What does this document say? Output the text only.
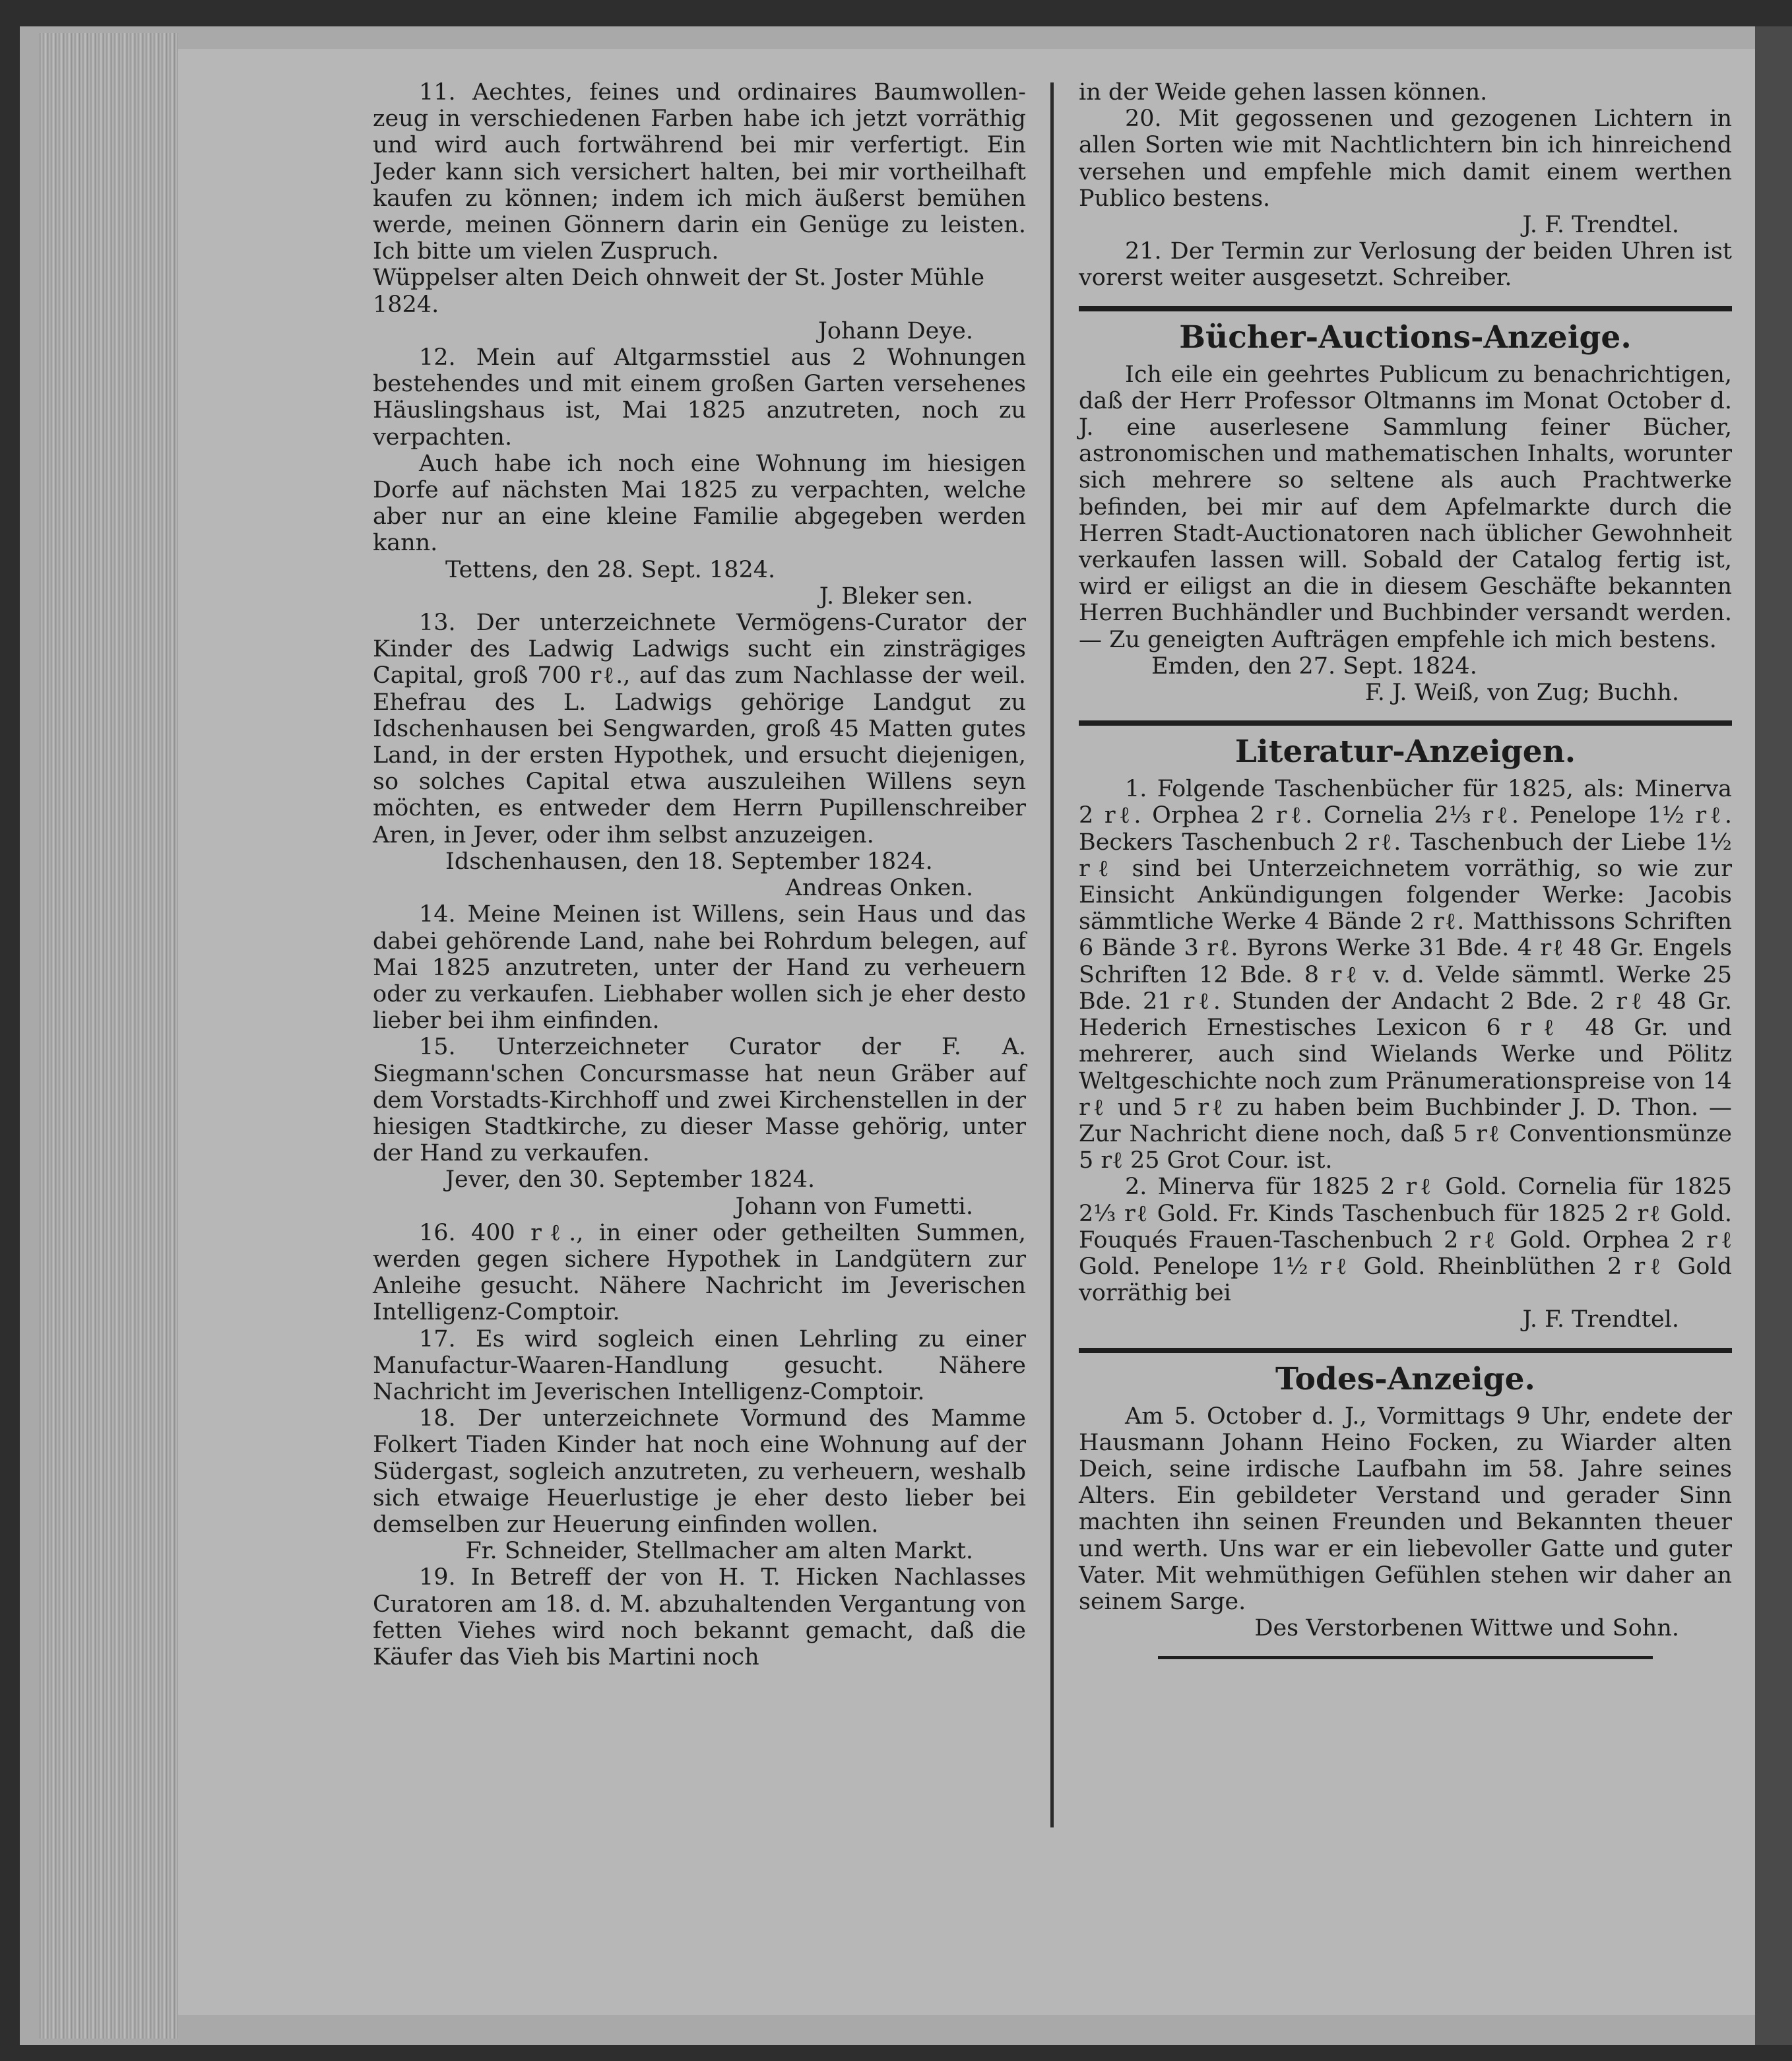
11. Aechtes, feines und ordinaires Baumwollen-zeug in verschiedenen Farben habe ich jetzt vorräthig und wird auch fortwährend bei mir verfertigt. Ein Jeder kann sich versichert halten, bei mir vortheilhaft kaufen zu können; indem ich mich äußerst bemühen werde, meinen Gönnern darin ein Genüge zu leisten. Ich bitte um vielen Zuspruch.
Wüppelser alten Deich ohnweit der St. Joster Mühle 1824.
Johann Deye.
12. Mein auf Altgarmsstiel aus 2 Wohnungen bestehendes und mit einem großen Garten versehenes Häuslingshaus ist, Mai 1825 anzutreten, noch zu verpachten.
Auch habe ich noch eine Wohnung im hiesigen Dorfe auf nächsten Mai 1825 zu verpachten, welche aber nur an eine kleine Familie abgegeben werden kann.
Tettens, den 28. Sept. 1824.
J. Bleker sen.
13. Der unterzeichnete Vermögens-Curator der Kinder des Ladwig Ladwigs sucht ein zinsträgiges Capital, groß 700 rℓ., auf das zum Nachlasse der weil. Ehefrau des L. Ladwigs gehörige Landgut zu Idschenhausen bei Sengwarden, groß 45 Matten gutes Land, in der ersten Hypothek, und ersucht diejenigen, so solches Capital etwa auszuleihen Willens seyn möchten, es entweder dem Herrn Pupillenschreiber Aren, in Jever, oder ihm selbst anzuzeigen.
Idschenhausen, den 18. September 1824.
Andreas Onken.
14. Meine Meinen ist Willens, sein Haus und das dabei gehörende Land, nahe bei Rohrdum belegen, auf Mai 1825 anzutreten, unter der Hand zu verheuern oder zu verkaufen. Liebhaber wollen sich je eher desto lieber bei ihm einfinden.
15. Unterzeichneter Curator der F. A. Siegmann'schen Concursmasse hat neun Gräber auf dem Vorstadts-Kirchhoff und zwei Kirchenstellen in der hiesigen Stadtkirche, zu dieser Masse gehörig, unter der Hand zu verkaufen.
Jever, den 30. September 1824.
Johann von Fumetti.
16. 400 rℓ., in einer oder getheilten Summen, werden gegen sichere Hypothek in Landgütern zur Anleihe gesucht. Nähere Nachricht im Jeverischen Intelligenz-Comptoir.
17. Es wird sogleich einen Lehrling zu einer Manufactur-Waaren-Handlung gesucht. Nähere Nachricht im Jeverischen Intelligenz-Comptoir.
18. Der unterzeichnete Vormund des Mamme Folkert Tiaden Kinder hat noch eine Wohnung auf der Südergast, sogleich anzutreten, zu verheuern, weshalb sich etwaige Heuerlustige je eher desto lieber bei demselben zur Heuerung einfinden wollen.
Fr. Schneider, Stellmacher am alten Markt.
19. In Betreff der von H. T. Hicken Nachlasses Curatoren am 18. d. M. abzuhaltenden Vergantung von fetten Viehes wird noch bekannt gemacht, daß die Käufer das Vieh bis Martini noch
in der Weide gehen lassen können.
20. Mit gegossenen und gezogenen Lichtern in allen Sorten wie mit Nachtlichtern bin ich hinreichend versehen und empfehle mich damit einem werthen Publico bestens.
J. F. Trendtel.
21. Der Termin zur Verlosung der beiden Uhren ist vorerst weiter ausgesetzt. Schreiber.
Bücher-Auctions-Anzeige.
Ich eile ein geehrtes Publicum zu benachrichtigen, daß der Herr Professor Oltmanns im Monat October d. J. eine auserlesene Sammlung feiner Bücher, astronomischen und mathematischen Inhalts, worunter sich mehrere so seltene als auch Prachtwerke befinden, bei mir auf dem Apfelmarkte durch die Herren Stadt-Auctionatoren nach üblicher Gewohnheit verkaufen lassen will. Sobald der Catalog fertig ist, wird er eiligst an die in diesem Geschäfte bekannten Herren Buchhändler und Buchbinder versandt werden. — Zu geneigten Aufträgen empfehle ich mich bestens.
Emden, den 27. Sept. 1824.
F. J. Weiß, von Zug; Buchh.
Literatur-Anzeigen.
1. Folgende Taschenbücher für 1825, als: Minerva 2 rℓ. Orphea 2 rℓ. Cornelia 2⅓ rℓ. Penelope 1½ rℓ. Beckers Taschenbuch 2 rℓ. Taschenbuch der Liebe 1½ rℓ sind bei Unterzeichnetem vorräthig, so wie zur Einsicht Ankündigungen folgender Werke: Jacobis sämmtliche Werke 4 Bände 2 rℓ. Matthissons Schriften 6 Bände 3 rℓ. Byrons Werke 31 Bde. 4 rℓ 48 Gr. Engels Schriften 12 Bde. 8 rℓ v. d. Velde sämmtl. Werke 25 Bde. 21 rℓ. Stunden der Andacht 2 Bde. 2 rℓ 48 Gr. Hederich Ernestisches Lexicon 6 rℓ 48 Gr. und mehrerer, auch sind Wielands Werke und Pölitz Weltgeschichte noch zum Pränumerationspreise von 14 rℓ und 5 rℓ zu haben beim Buchbinder J. D. Thon. — Zur Nachricht diene noch, daß 5 rℓ Conventionsmünze 5 rℓ 25 Grot Cour. ist.
2. Minerva für 1825 2 rℓ Gold. Cornelia für 1825 2⅓ rℓ Gold. Fr. Kinds Taschenbuch für 1825 2 rℓ Gold. Fouqués Frauen-Taschenbuch 2 rℓ Gold. Orphea 2 rℓ Gold. Penelope 1½ rℓ Gold. Rheinblüthen 2 rℓ Gold vorräthig bei
J. F. Trendtel.
Todes-Anzeige.
Am 5. October d. J., Vormittags 9 Uhr, endete der Hausmann Johann Heino Focken, zu Wiarder alten Deich, seine irdische Laufbahn im 58. Jahre seines Alters. Ein gebildeter Verstand und gerader Sinn machten ihn seinen Freunden und Bekannten theuer und werth. Uns war er ein liebevoller Gatte und guter Vater. Mit wehmüthigen Gefühlen stehen wir daher an seinem Sarge.
Des Verstorbenen Wittwe und Sohn.
